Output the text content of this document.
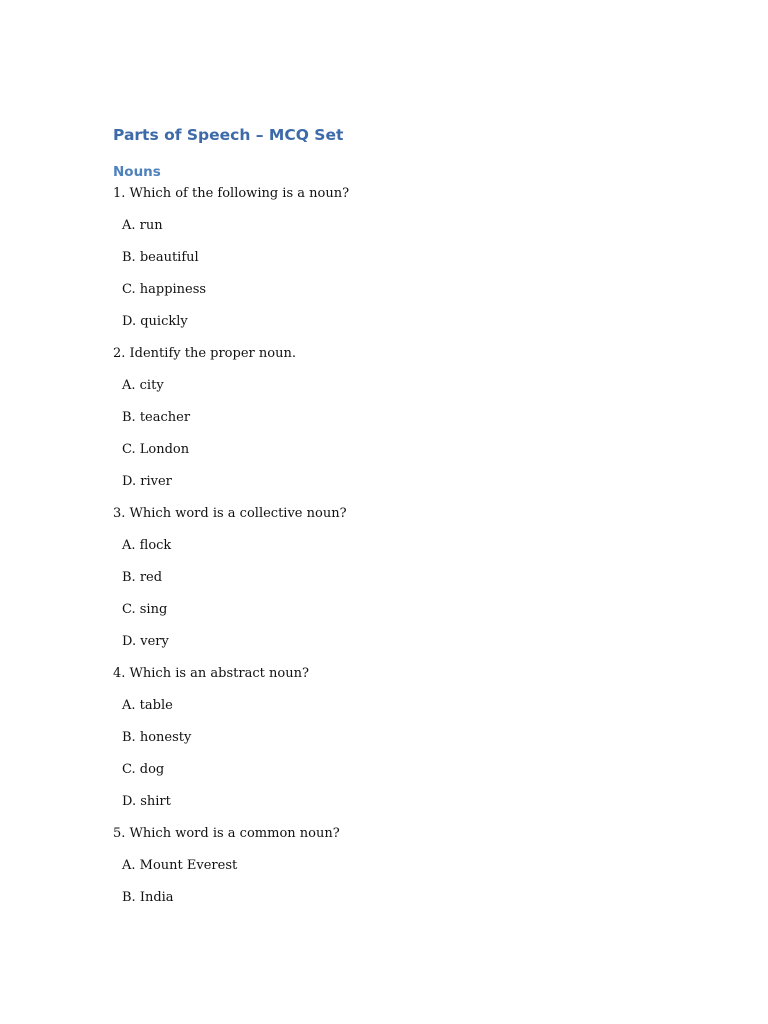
Parts of Speech – MCQ Set
Nouns
1. Which of the following is a noun?
A. run
B. beautiful
C. happiness
D. quickly
2. Identify the proper noun.
A. city
B. teacher
C. London
D. river
3. Which word is a collective noun?
A. flock
B. red
C. sing
D. very
4. Which is an abstract noun?
A. table
B. honesty
C. dog
D. shirt
5. Which word is a common noun?
A. Mount Everest
B. India
